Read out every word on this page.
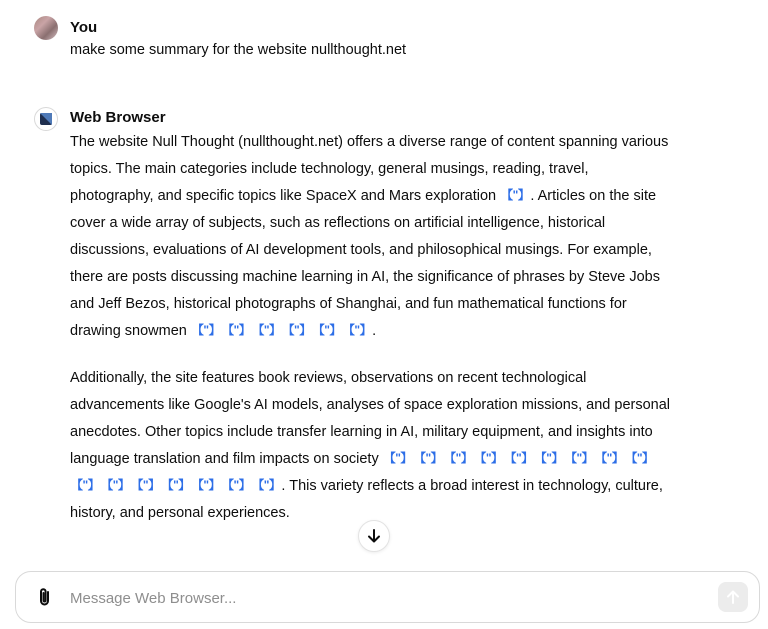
You
make some summary for the website nullthought.net
Web Browser

The website Null Thought (nullthought.net) offers a diverse range of content spanning various topics. The main categories include technology, general musings, reading, travel, photography, and specific topics like SpaceX and Mars exploration 【"】. Articles on the site cover a wide array of subjects, such as reflections on artificial intelligence, historical discussions, evaluations of AI development tools, and philosophical musings. For example, there are posts discussing machine learning in AI, the significance of phrases by Steve Jobs and Jeff Bezos, historical photographs of Shanghai, and fun mathematical functions for drawing snowmen 【"】 【"】 【"】 【"】 【"】 【"】.

Additionally, the site features book reviews, observations on recent technological advancements like Google's AI models, analyses of space exploration missions, and personal anecdotes. Other topics include transfer learning in AI, military equipment, and insights into language translation and film impacts on society 【"】 【"】 【"】 【"】 【"】 【"】 【"】 【"】 【"】【"】 【"】 【"】 【"】 【"】 【"】 【"】. This variety reflects a broad interest in technology, culture, history, and personal experiences.

Message Web Browser...
